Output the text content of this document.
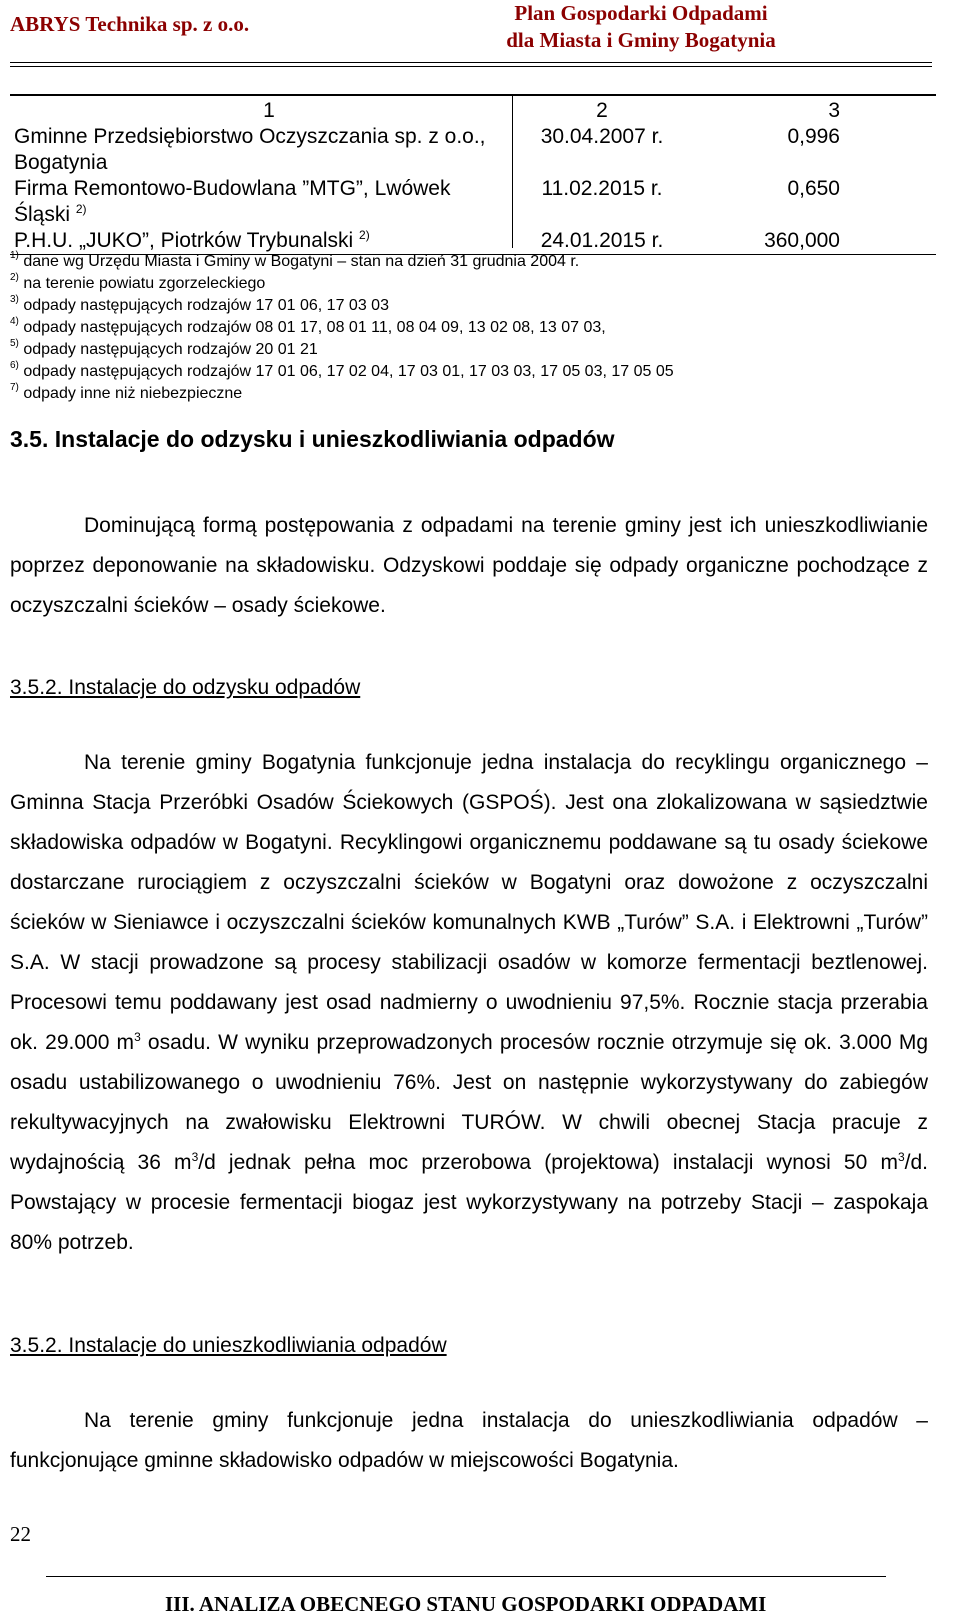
ABRYS Technika sp. z o.o.	Plan Gospodarki Odpadami
dla Miasta i Gminy Bogatynia
1	2	3
Gminne Przedsiębiorstwo Oczyszczania sp. z o.o.,
Bogatynia	30.04.2007 r.	0,996
Firma Remontowo-Budowlana ”MTG”, Lwówek
Śląski $^{2)}$	11.02.2015 r.	0,650
P.H.U. „JUKO”, Piotrków Trybunalski $^{2)}$	24.01.2015 r.	360,000
$^{1)}$ dane wg Urzędu Miasta i Gminy w Bogatyni – stan na dzień 31 grudnia 2004 r.
$^{2)}$ na terenie powiatu zgorzeleckiego
$^{3)}$ odpady następujących rodzajów 17 01 06, 17 03 03
$^{4)}$ odpady następujących rodzajów 08 01 17, 08 01 11, 08 04 09, 13 02 08, 13 07 03,
$^{5)}$ odpady następujących rodzajów 20 01 21
$^{6)}$ odpady następujących rodzajów 17 01 06, 17 02 04, 17 03 01, 17 03 03, 17 05 03, 17 05 05
$^{7)}$ odpady inne niż niebezpieczne
3.5. Instalacje do odzysku i unieszkodliwiania odpadów

Dominującą formą postępowania z odpadami na terenie gminy jest ich unieszkodliwianie poprzez deponowanie na składowisku. Odzyskowi poddaje się odpady organiczne pochodzące z oczyszczalni ścieków – osady ściekowe.

3.5.2. Instalacje do odzysku odpadów

Na terenie gminy Bogatynia funkcjonuje jedna instalacja do recyklingu organicznego – Gminna Stacja Przeróbki Osadów Ściekowych (GSPOŚ). Jest ona zlokalizowana w sąsiedztwie składowiska odpadów w Bogatyni. Recyklingowi organicznemu poddawane są tu osady ściekowe dostarczane rurociągiem z oczyszczalni ścieków w Bogatyni oraz dowożone z oczyszczalni ścieków w Sieniawce i oczyszczalni ścieków komunalnych KWB „Turów” S.A. i Elektrowni „Turów” S.A. W stacji prowadzone są procesy stabilizacji osadów w komorze fermentacji beztlenowej. Procesowi temu poddawany jest osad nadmierny o uwodnieniu 97,5%. Rocznie stacja przerabia ok. 29.000 $m^3$ osadu. W wyniku przeprowadzonych procesów rocznie otrzymuje się ok. 3.000 Mg osadu ustabilizowanego o uwodnieniu 76%. Jest on następnie wykorzystywany do zabiegów rekultywacyjnych na zwałowisku Elektrowni TURÓW. W chwili obecnej Stacja pracuje z wydajnością 36 $m^3/d$ jednak pełna moc przerobowa (projektowa) instalacji wynosi 50 $m^3/d$. Powstający w procesie fermentacji biogaz jest wykorzystywany na potrzeby Stacji – zaspokaja 80% potrzeb.

3.5.2. Instalacje do unieszkodliwiania odpadów

Na terenie gminy funkcjonuje jedna instalacja do unieszkodliwiania odpadów – funkcjonujące gminne składowisko odpadów w miejscowości Bogatynia.

22
III. ANALIZA OBECNEGO STANU GOSPODARKI ODPADAMI
